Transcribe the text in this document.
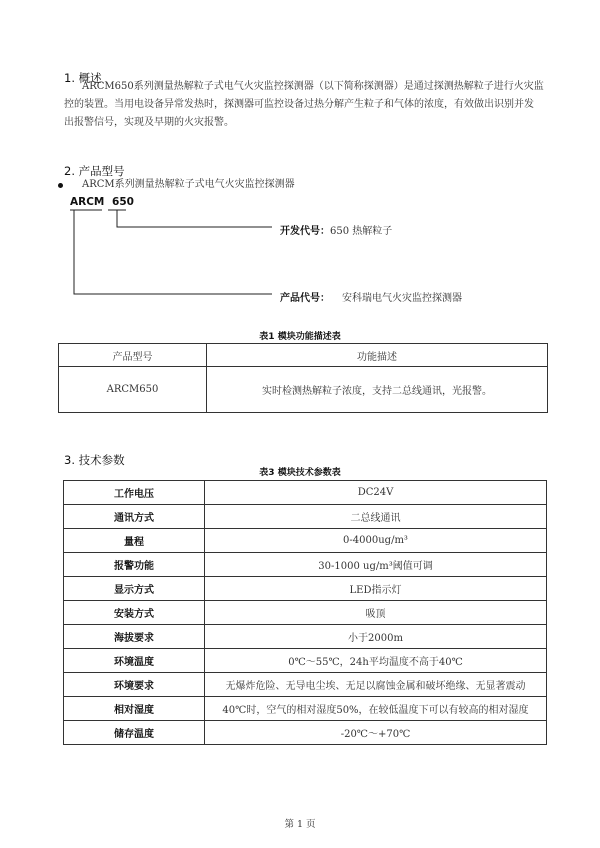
1. 概述
ARCM650系列测量热解粒子式电气火灾监控探测器（以下简称探测器）是通过探测热解粒子进行火灾监
控的装置。当用电设备异常发热时，探测器可监控设备过热分解产生粒子和气体的浓度，有效做出识别并发
出报警信号，实现及早期的火灾报警。
2. 产品型号
ARCM系列测量热解粒子式电气火灾监控探测器
ARCM 650
开发代号：650 热解粒子
产品代号： 安科瑞电气火灾监控探测器
表1 模块功能描述表
产品型号	功能描述
ARCM650	实时检测热解粒子浓度，支持二总线通讯，光报警。
3. 技术参数
表3 模块技术参数表
工作电压	DC24V
通讯方式	二总线通讯
量程	0-4000ug/m³
报警功能	30-1000 ug/m³阈值可调
显示方式	LED指示灯
安装方式	吸顶
海拔要求	小于2000m
环境温度	0℃～55℃，24h平均温度不高于40℃
环境要求	无爆炸危险、无导电尘埃、无足以腐蚀金属和破坏绝缘、无显著震动
相对湿度	40℃时，空气的相对湿度50%，在较低温度下可以有较高的相对湿度
储存温度	-20℃～+70℃
第 1 页
